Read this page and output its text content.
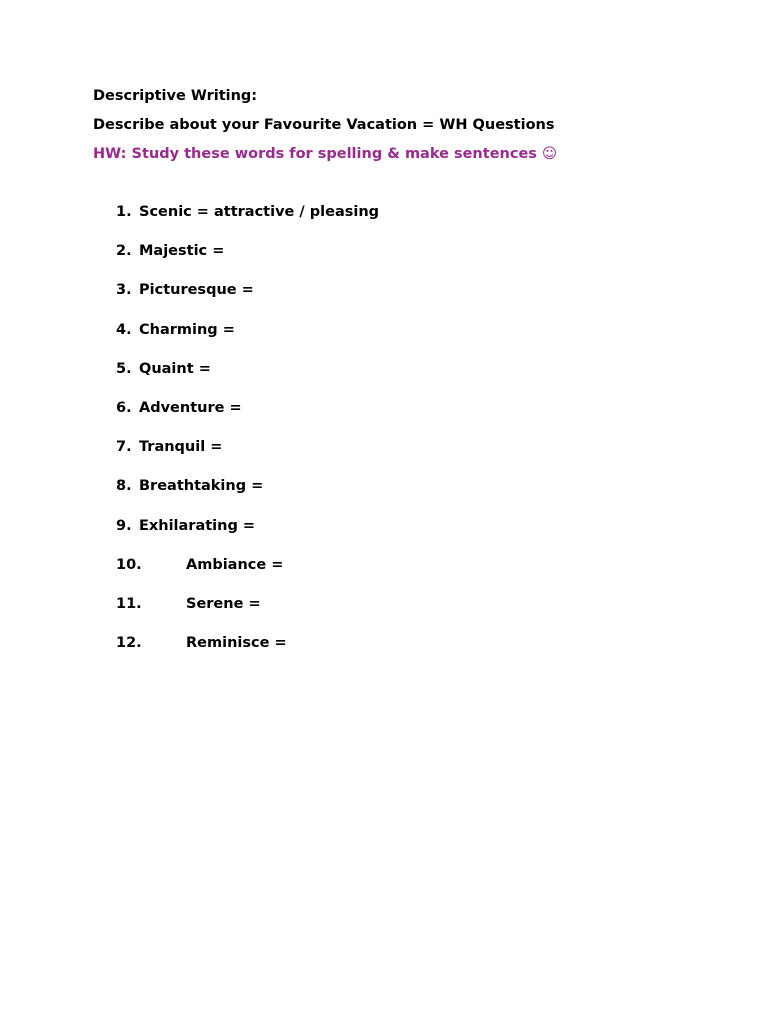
Descriptive Writing:
Describe about your Favourite Vacation = WH Questions
HW: Study these words for spelling & make sentences ☺
1. Scenic = attractive / pleasing
2. Majestic =
3. Picturesque =
4. Charming =
5. Quaint =
6. Adventure =
7. Tranquil =
8. Breathtaking =
9. Exhilarating =
10.	Ambiance =
11.	Serene =
12.	Reminisce =
